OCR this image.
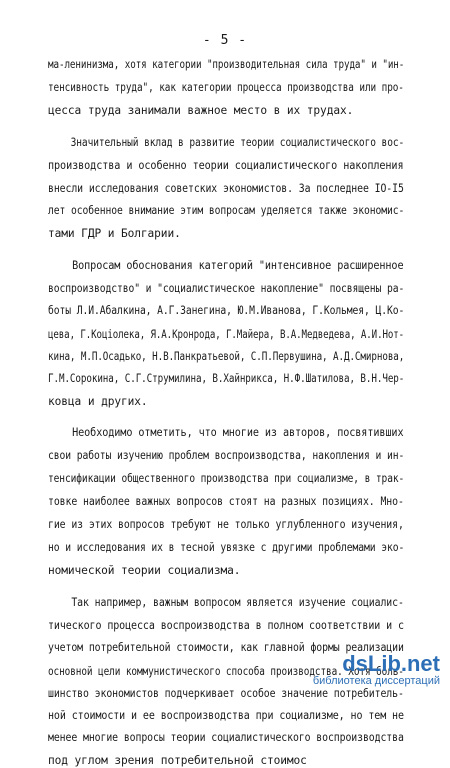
- 5 -
ма-ленинизма, хотя категории "производительная сила труда" и "ин-
тенсивность труда", как категории процесса производства или про-
цесса труда занимали важное место в их трудах.
Значительный вклад в развитие теории социалистического вос-
производства и особенно теории социалистического накопления
внесли исследования советских экономистов. За последнее IO-I5
лет особенное внимание этим вопросам уделяется также экономис-
тами ГДР и Болгарии.
Вопросам обоснования категорий "интенсивное расширенное
воспроизводство" и "социалистическое накопление" посвящены ра-
боты Л.И.Абалкина, А.Г.Занегина, Ю.М.Иванова, Г.Кольмея, Ц.Ко-
цева, Г.Коцiолека, Я.А.Кронрода, Г.Майера, В.А.Медведева, А.И.Нот-
кина, М.П.Осадько, Н.В.Панкратьевой, С.П.Первушина, А.Д.Смирнова,
Г.М.Сорокина, С.Г.Струмилина, В.Хайнрикса, Н.Ф.Шатилова, В.Н.Чер-
ковца и других.
Необходимо отметить, что многие из авторов, посвятивших
свои работы изучению проблем воспроизводства, накопления и ин-
тенсификации общественного производства при социализме, в трак-
товке наиболее важных вопросов стоят на разных позициях. Мно-
гие из этих вопросов требуют не только углубленного изучения,
но и исследования их в тесной увязке с другими проблемами эко-
номической теории социализма.
Так например, важным вопросом является изучение социалис-
тического процесса воспроизводства в полном соответствии и с
учетом потребительной стоимости, как главной формы реализации
основной цели коммунистического способа производства. Хотя боль-
шинство экономистов подчеркивает особое значение потребитель-
ной стоимости и ее воспроизводства при социализме, но тем не
менее многие вопросы теории социалистического воспроизводства
под углом зрения потребительной стоимос
dsLib.net
библиотека диссертаций
